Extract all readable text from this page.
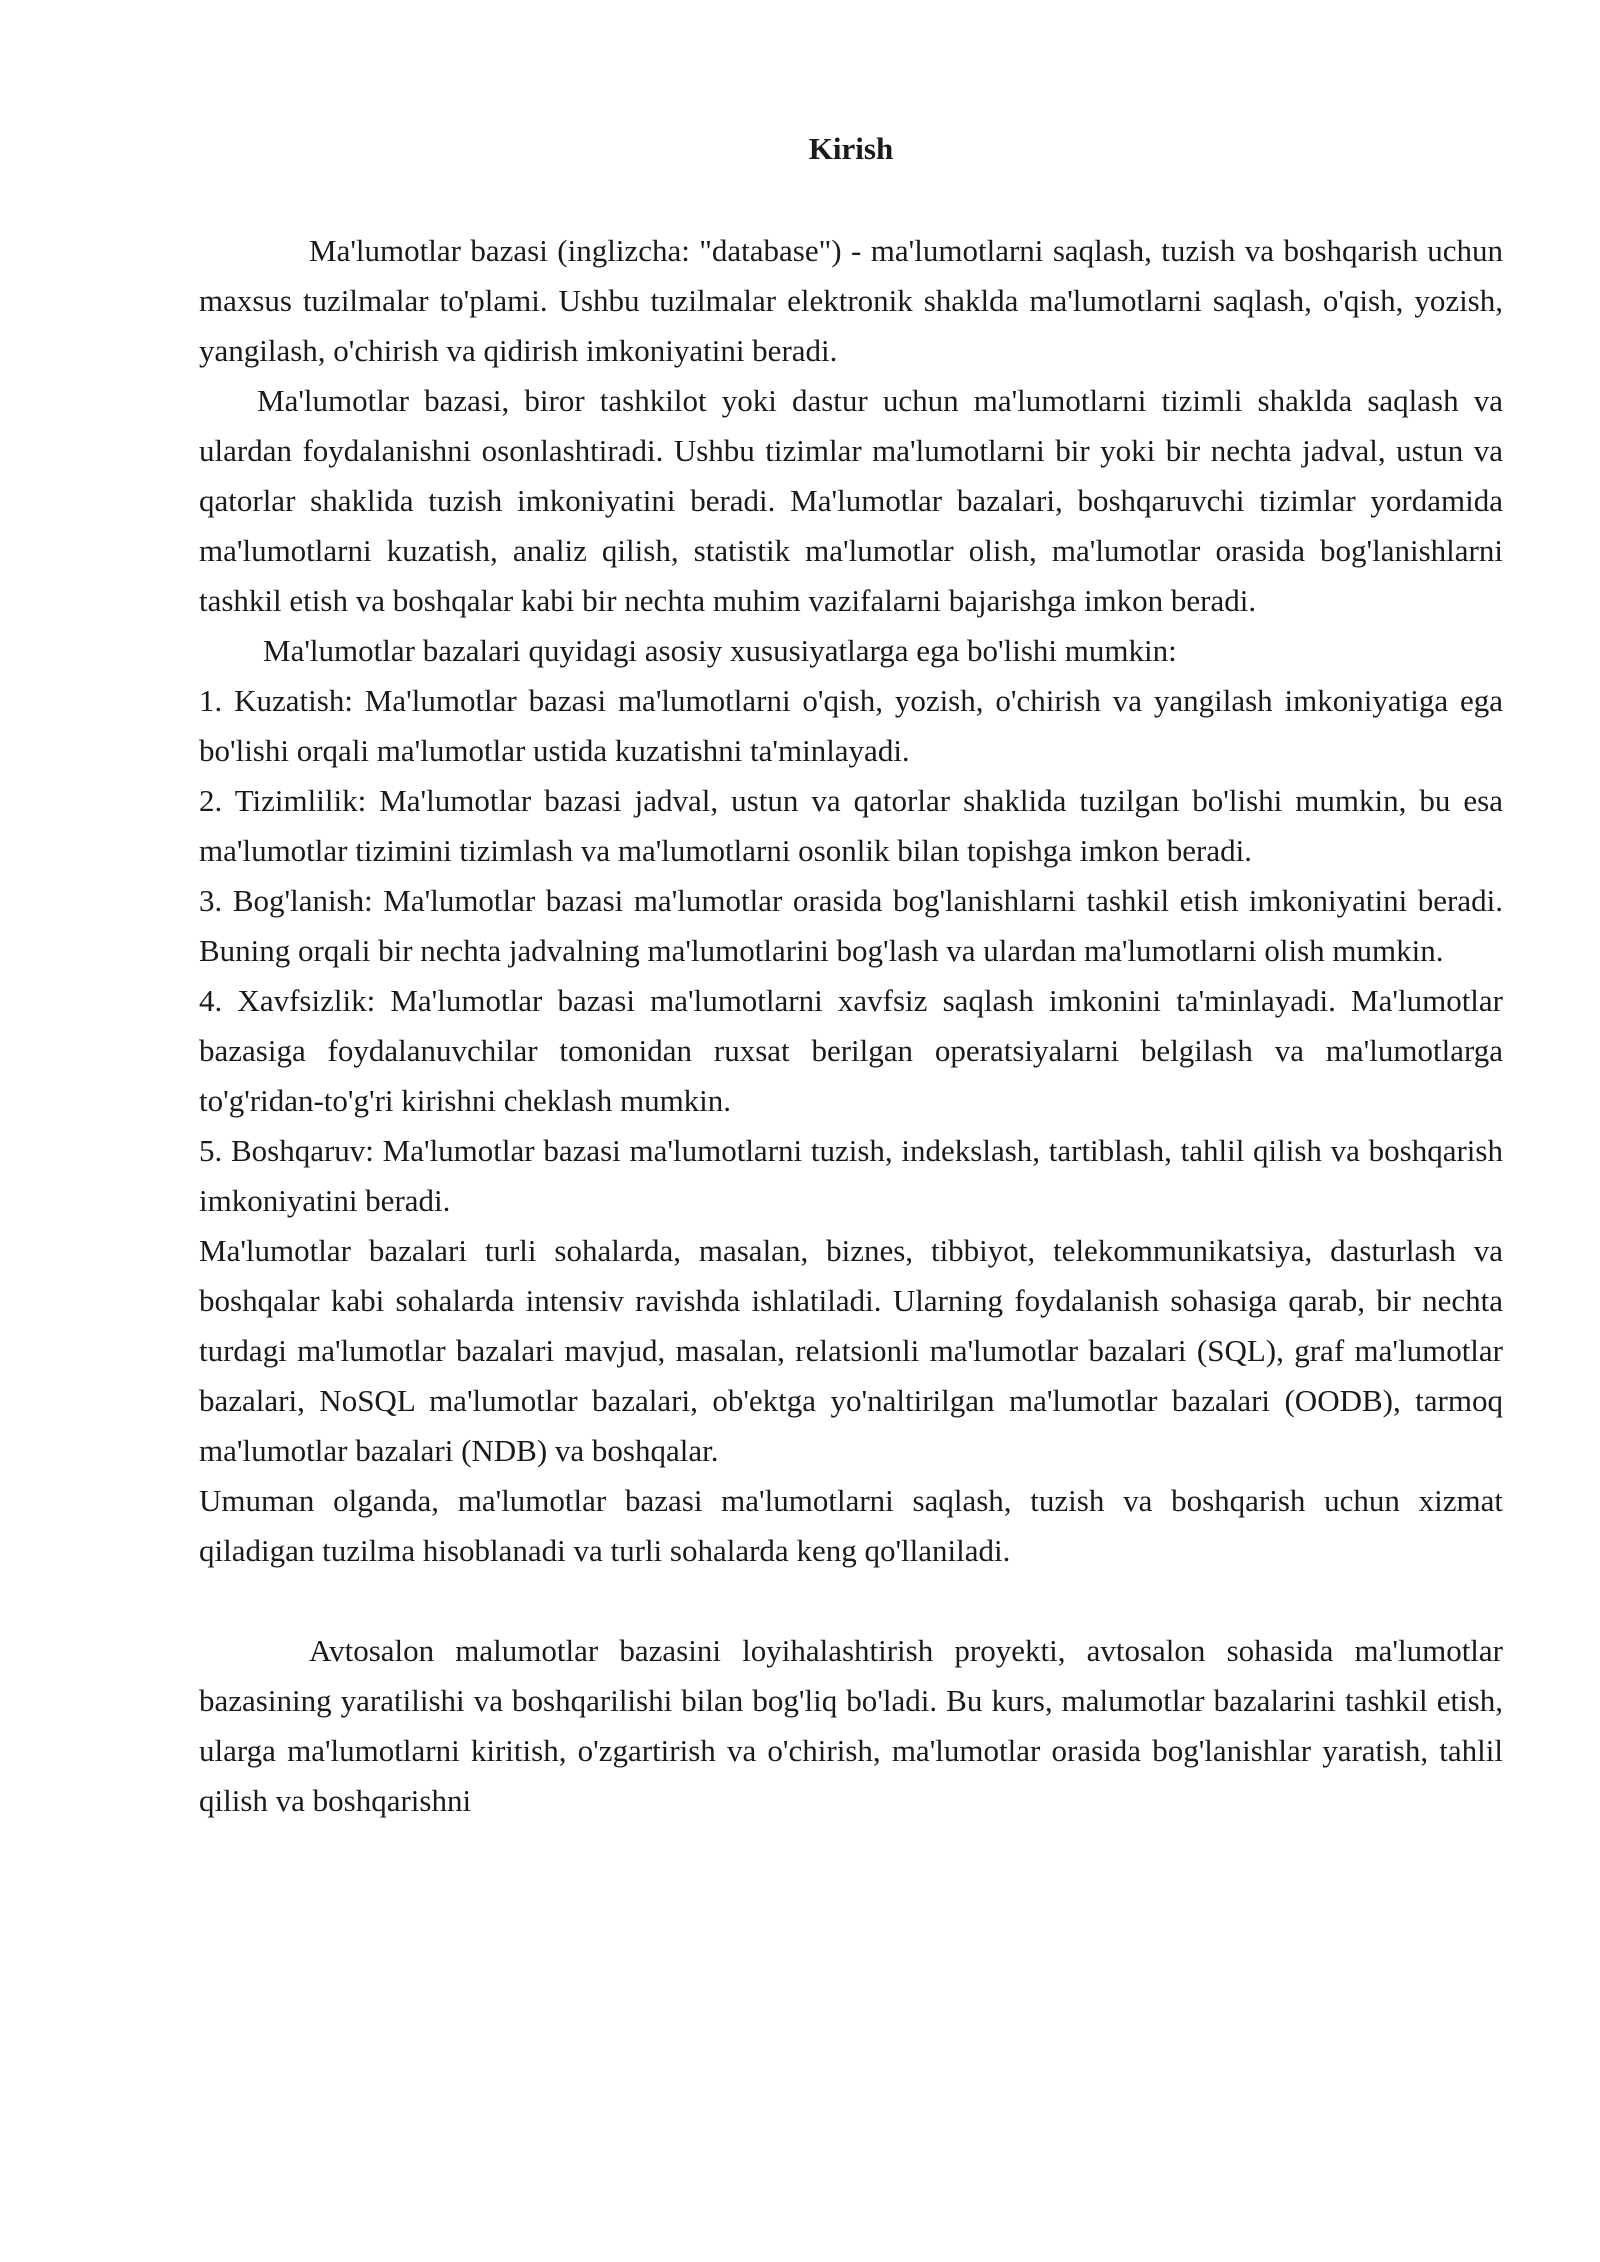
Kirish

Ma'lumotlar bazasi (inglizcha: "database") - ma'lumotlarni saqlash, tuzish va boshqarish uchun maxsus tuzilmalar to'plami. Ushbu tuzilmalar elektronik shaklda ma'lumotlarni saqlash, o'qish, yozish, yangilash, o'chirish va qidirish imkoniyatini beradi.

Ma'lumotlar bazasi, biror tashkilot yoki dastur uchun ma'lumotlarni tizimli shaklda saqlash va ulardan foydalanishni osonlashtiradi. Ushbu tizimlar ma'lumotlarni bir yoki bir nechta jadval, ustun va qatorlar shaklida tuzish imkoniyatini beradi. Ma'lumotlar bazalari, boshqaruvchi tizimlar yordamida ma'lumotlarni kuzatish, analiz qilish, statistik ma'lumotlar olish, ma'lumotlar orasida bog'lanishlarni tashkil etish va boshqalar kabi bir nechta muhim vazifalarni bajarishga imkon beradi.

Ma'lumotlar bazalari quyidagi asosiy xususiyatlarga ega bo'lishi mumkin:

1. Kuzatish: Ma'lumotlar bazasi ma'lumotlarni o'qish, yozish, o'chirish va yangilash imkoniyatiga ega bo'lishi orqali ma'lumotlar ustida kuzatishni ta'minlayadi.

2. Tizimlilik: Ma'lumotlar bazasi jadval, ustun va qatorlar shaklida tuzilgan bo'lishi mumkin, bu esa ma'lumotlar tizimini tizimlash va ma'lumotlarni osonlik bilan topishga imkon beradi.

3. Bog'lanish: Ma'lumotlar bazasi ma'lumotlar orasida bog'lanishlarni tashkil etish imkoniyatini beradi. Buning orqali bir nechta jadvalning ma'lumotlarini bog'lash va ulardan ma'lumotlarni olish mumkin.

4. Xavfsizlik: Ma'lumotlar bazasi ma'lumotlarni xavfsiz saqlash imkonini ta'minlayadi. Ma'lumotlar bazasiga foydalanuvchilar tomonidan ruxsat berilgan operatsiyalarni belgilash va ma'lumotlarga to'g'ridan-to'g'ri kirishni cheklash mumkin.

5. Boshqaruv: Ma'lumotlar bazasi ma'lumotlarni tuzish, indekslash, tartiblash, tahlil qilish va boshqarish imkoniyatini beradi.

Ma'lumotlar bazalari turli sohalarda, masalan, biznes, tibbiyot, telekommunikatsiya, dasturlash va boshqalar kabi sohalarda intensiv ravishda ishlatiladi. Ularning foydalanish sohasiga qarab, bir nechta turdagi ma'lumotlar bazalari mavjud, masalan, relatsionli ma'lumotlar bazalari (SQL), graf ma'lumotlar bazalari, NoSQL ma'lumotlar bazalari, ob'ektga yo'naltirilgan ma'lumotlar bazalari (OODB), tarmoq ma'lumotlar bazalari (NDB) va boshqalar.

Umuman olganda, ma'lumotlar bazasi ma'lumotlarni saqlash, tuzish va boshqarish uchun xizmat qiladigan tuzilma hisoblanadi va turli sohalarda keng qo'llaniladi.

Avtosalon malumotlar bazasini loyihalashtirish proyekti, avtosalon sohasida ma'lumotlar bazasining yaratilishi va boshqarilishi bilan bog'liq bo'ladi. Bu kurs, malumotlar bazalarini tashkil etish, ularga ma'lumotlarni kiritish, o'zgartirish va o'chirish, ma'lumotlar orasida bog'lanishlar yaratish, tahlil qilish va boshqarishni
